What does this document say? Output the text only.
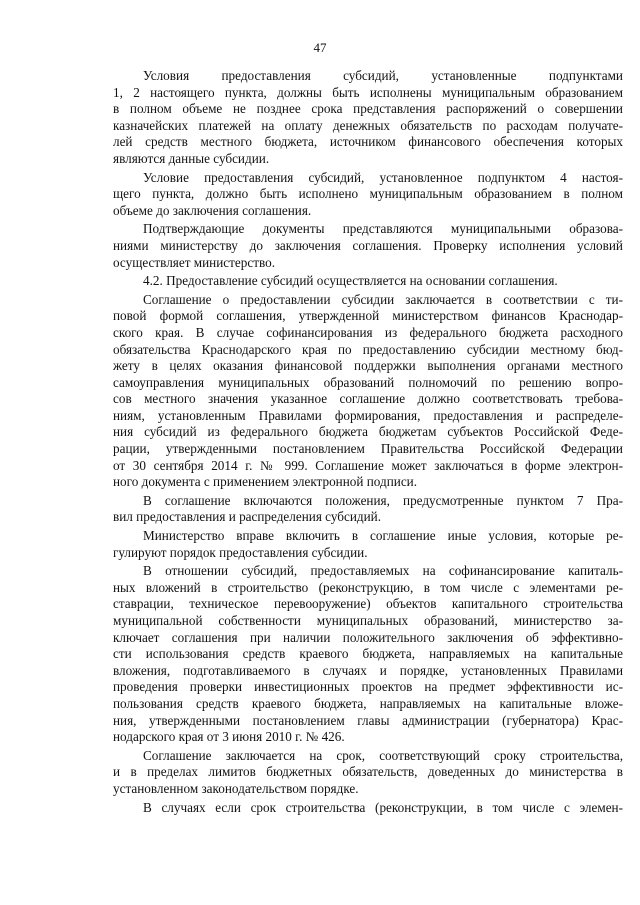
47
Условия предоставления субсидий, установленные подпунктами
1, 2 настоящего пункта, должны быть исполнены муниципальным образованием
в полном объеме не позднее срока представления распоряжений о совершении
казначейских платежей на оплату денежных обязательств по расходам получате-
лей средств местного бюджета, источником финансового обеспечения которых
являются данные субсидии.
Условие предоставления субсидий, установленное подпунктом 4 настоя-
щего пункта, должно быть исполнено муниципальным образованием в полном
объеме до заключения соглашения.
Подтверждающие документы представляются муниципальными образова-
ниями министерству до заключения соглашения. Проверку исполнения условий
осуществляет министерство.
4.2. Предоставление субсидий осуществляется на основании соглашения.
Соглашение о предоставлении субсидии заключается в соответствии с ти-
повой формой соглашения, утвержденной министерством финансов Краснодар-
ского края. В случае софинансирования из федерального бюджета расходного
обязательства Краснодарского края по предоставлению субсидии местному бюд-
жету в целях оказания финансовой поддержки выполнения органами местного
самоуправления муниципальных образований полномочий по решению вопро-
сов местного значения указанное соглашение должно соответствовать требова-
ниям, установленным Правилами формирования, предоставления и распределе-
ния субсидий из федерального бюджета бюджетам субъектов Российской Феде-
рации, утвержденными постановлением Правительства Российской Федерации
от 30 сентября 2014 г. № 999. Соглашение может заключаться в форме электрон-
ного документа с применением электронной подписи.
В соглашение включаются положения, предусмотренные пунктом 7 Пра-
вил предоставления и распределения субсидий.
Министерство вправе включить в соглашение иные условия, которые ре-
гулируют порядок предоставления субсидии.
В отношении субсидий, предоставляемых на софинансирование капиталь-
ных вложений в строительство (реконструкцию, в том числе с элементами ре-
ставрации, техническое перевооружение) объектов капитального строительства
муниципальной собственности муниципальных образований, министерство за-
ключает соглашения при наличии положительного заключения об эффективно-
сти использования средств краевого бюджета, направляемых на капитальные
вложения, подготавливаемого в случаях и порядке, установленных Правилами
проведения проверки инвестиционных проектов на предмет эффективности ис-
пользования средств краевого бюджета, направляемых на капитальные вложе-
ния, утвержденными постановлением главы администрации (губернатора) Крас-
нодарского края от 3 июня 2010 г. № 426.
Соглашение заключается на срок, соответствующий сроку строительства,
и в пределах лимитов бюджетных обязательств, доведенных до министерства в
установленном законодательством порядке.
В случаях если срок строительства (реконструкции, в том числе с элемен-
